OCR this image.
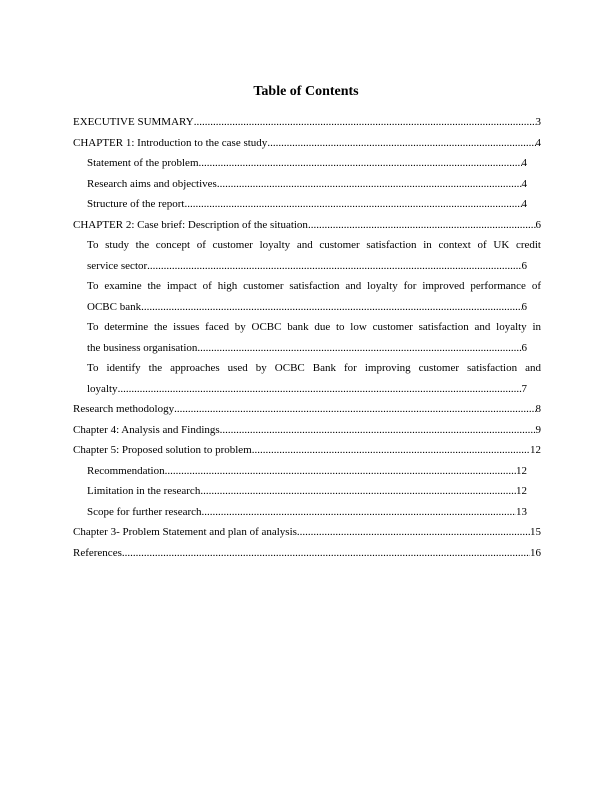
Table of Contents
EXECUTIVE SUMMARY .....	3
CHAPTER 1: Introduction to the case study .....	4
Statement of the problem .....	4
Research aims and objectives .....	4
Structure of the report .....	4
CHAPTER 2: Case brief: Description of the situation .....	6
To study the concept of customer loyalty and customer satisfaction in context of UK credit
service sector .....	6
To examine the impact of high customer satisfaction and loyalty for improved performance of
OCBC bank .....	6
To determine the issues faced by OCBC bank due to low customer satisfaction and loyalty in
the business organisation .....	6
To identify the approaches used by OCBC Bank for improving customer satisfaction and
loyalty .....	7
Research methodology .....	8
Chapter 4: Analysis and Findings .....	9
Chapter 5: Proposed solution to problem .....	12
Recommendation .....	12
Limitation in the research .....	12
Scope for further research .....	13
Chapter 3- Problem Statement and plan of analysis .....	15
References .....	16
